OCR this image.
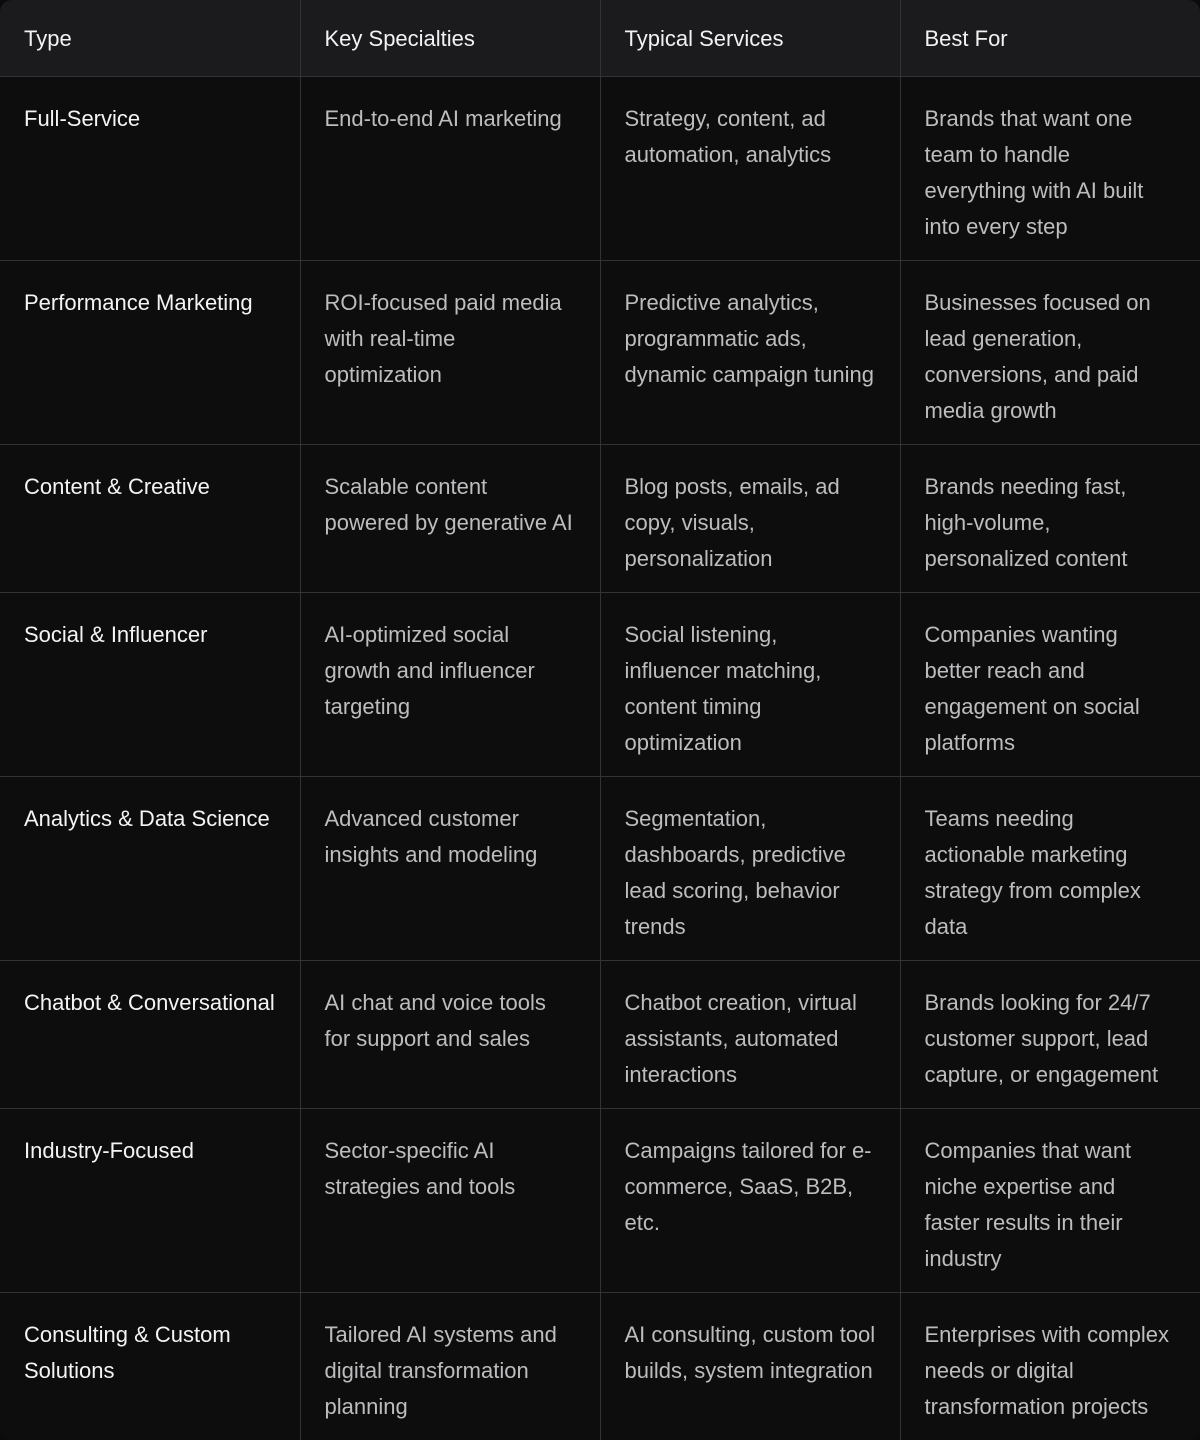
Type	Key Specialties	Typical Services	Best For
Full-Service	End-to-end AI marketing	Strategy, content, ad automation, analytics	Brands that want one team to handle everything with AI built into every step
Performance Marketing	ROI-focused paid media with real-time optimization	Predictive analytics, programmatic ads, dynamic campaign tuning	Businesses focused on lead generation, conversions, and paid media growth
Content & Creative	Scalable content powered by generative AI	Blog posts, emails, ad copy, visuals, personalization	Brands needing fast, high-volume, personalized content
Social & Influencer	AI-optimized social growth and influencer targeting	Social listening, influencer matching, content timing optimization	Companies wanting better reach and engagement on social platforms
Analytics & Data Science	Advanced customer insights and modeling	Segmentation, dashboards, predictive lead scoring, behavior trends	Teams needing actionable marketing strategy from complex data
Chatbot & Conversational	AI chat and voice tools for support and sales	Chatbot creation, virtual assistants, automated interactions	Brands looking for 24/7 customer support, lead capture, or engagement
Industry-Focused	Sector-specific AI strategies and tools	Campaigns tailored for e-commerce, SaaS, B2B, etc.	Companies that want niche expertise and faster results in their industry
Consulting & Custom Solutions	Tailored AI systems and digital transformation planning	AI consulting, custom tool builds, system integration	Enterprises with complex needs or digital transformation projects
